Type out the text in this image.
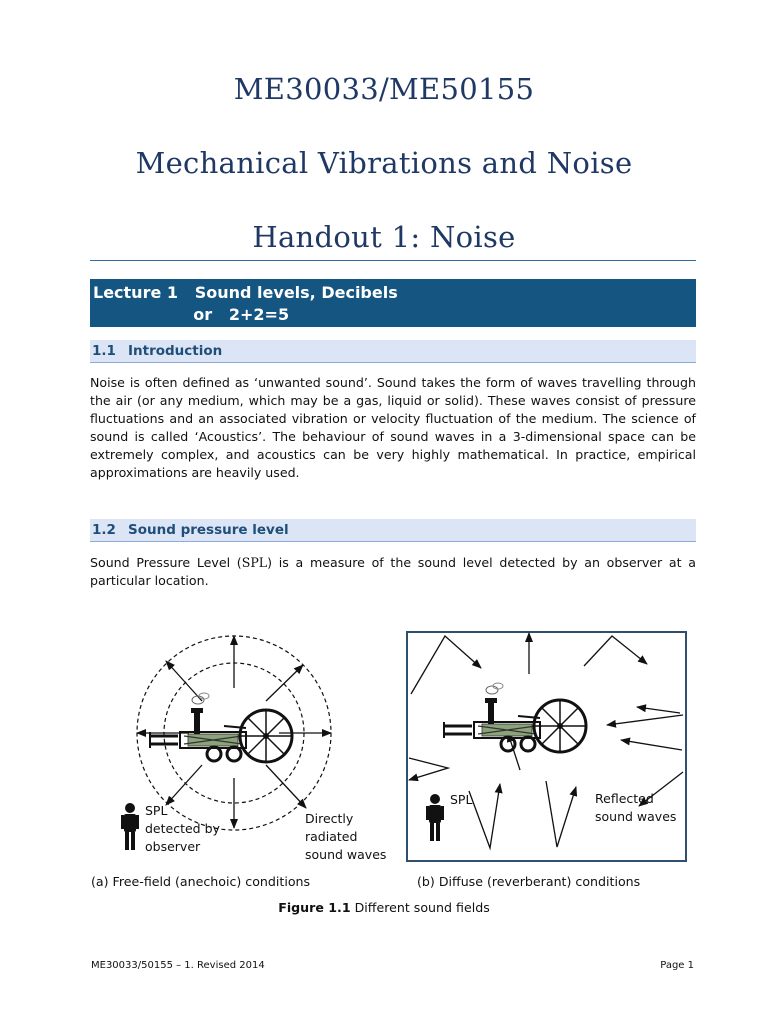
ME30033/ME50155
Mechanical Vibrations and Noise
Handout 1: Noise
Lecture 1   Sound levels, Decibels
or   2+2=5
1.1 Introduction
Noise is often defined as ‘unwanted sound’. Sound takes the form of waves travelling through the air (or any medium, which may be a gas, liquid or solid). These waves consist of pressure fluctuations and an associated vibration or velocity fluctuation of the medium. The science of sound is called ‘Acoustics’. The behaviour of sound waves in a 3-dimensional space can be extremely complex, and acoustics can be very highly mathematical. In practice, empirical approximations are heavily used.
1.2 Sound pressure level
Sound Pressure Level (SPL) is a measure of the sound level detected by an observer at a particular location.
SPL detected by observer
Directly radiated sound waves
SPL	Reflected sound waves
(a) Free-field (anechoic) conditions	(b) Diffuse (reverberant) conditions
Figure 1.1 Different sound fields
ME30033/50155 – 1. Revised 2014	Page 1
